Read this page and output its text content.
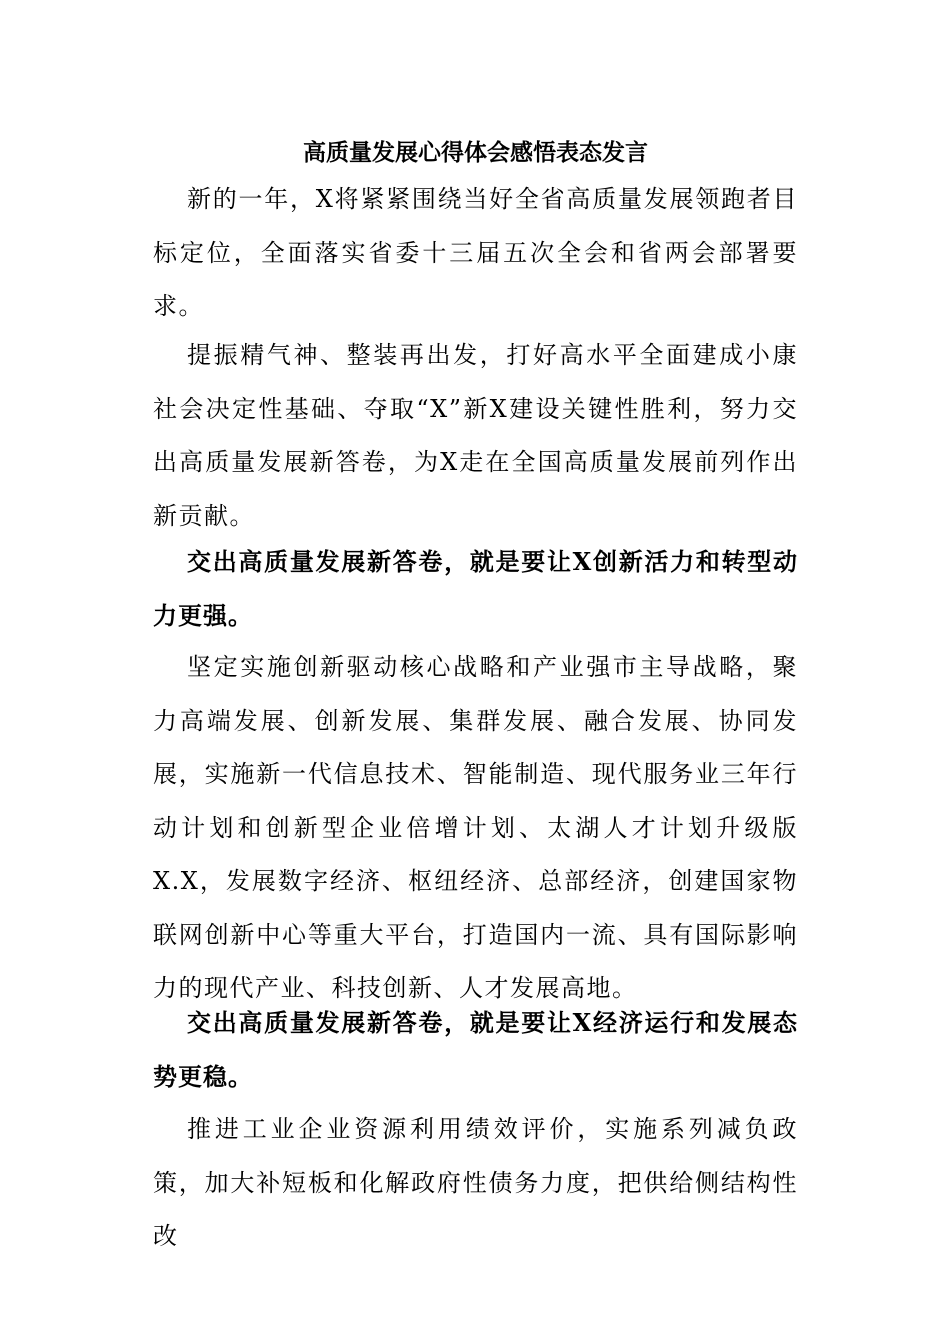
高质量发展心得体会感悟表态发言

新的一年，X将紧紧围绕当好全省高质量发展领跑者目标定位，全面落实省委十三届五次全会和省两会部署要求。

提振精气神、整装再出发，打好高水平全面建成小康社会决定性基础、夺取“X”新X建设关键性胜利，努力交出高质量发展新答卷，为X走在全国高质量发展前列作出新贡献。

交出高质量发展新答卷，就是要让X创新活力和转型动力更强。

坚定实施创新驱动核心战略和产业强市主导战略，聚力高端发展、创新发展、集群发展、融合发展、协同发展，实施新一代信息技术、智能制造、现代服务业三年行动计划和创新型企业倍增计划、太湖人才计划升级版X.X，发展数字经济、枢纽经济、总部经济，创建国家物联网创新中心等重大平台，打造国内一流、具有国际影响力的现代产业、科技创新、人才发展高地。

交出高质量发展新答卷，就是要让X经济运行和发展态势更稳。

推进工业企业资源利用绩效评价，实施系列减负政策，加大补短板和化解政府性债务力度，把供给侧结构性改
